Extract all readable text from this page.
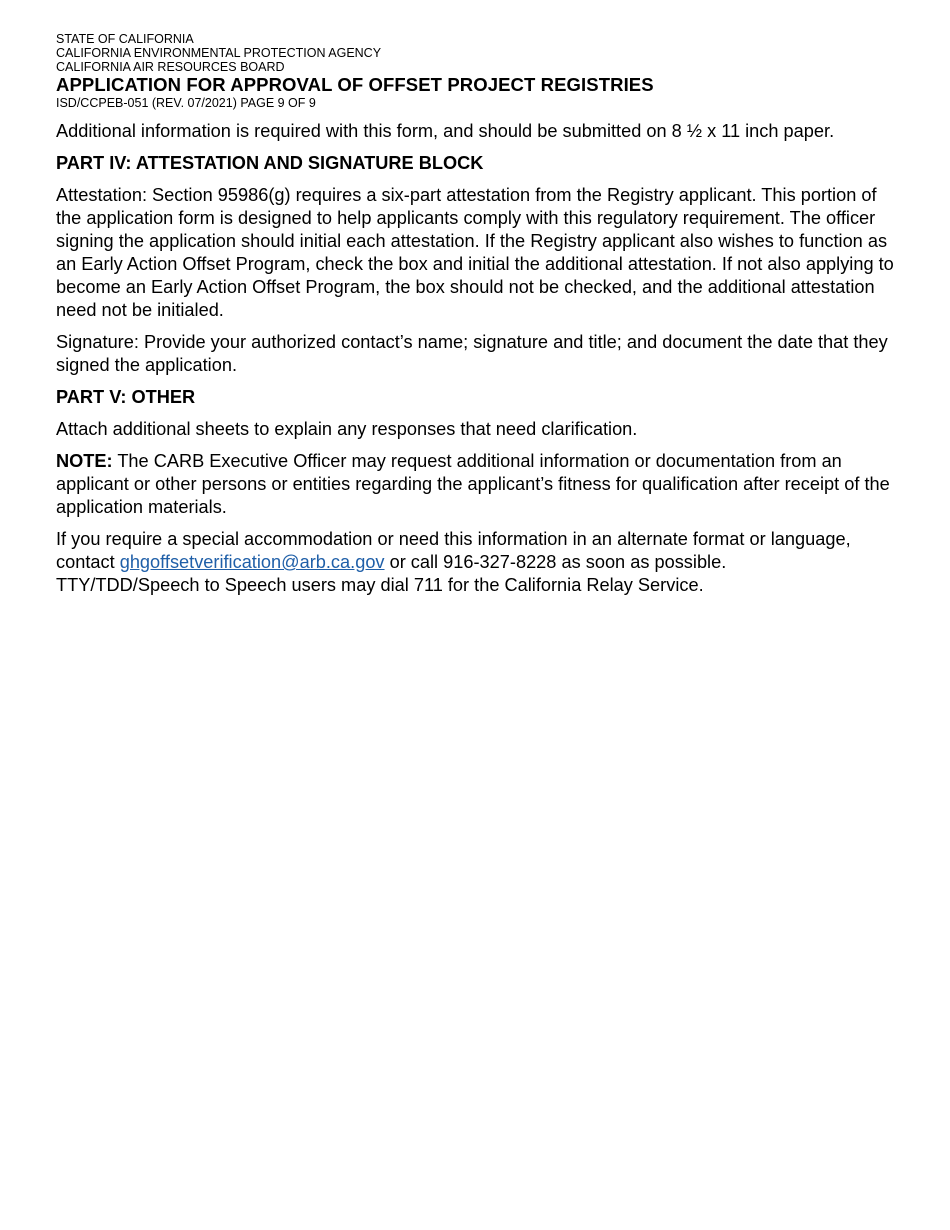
STATE OF CALIFORNIA

CALIFORNIA ENVIRONMENTAL PROTECTION AGENCY

CALIFORNIA AIR RESOURCES BOARD

APPLICATION FOR APPROVAL OF OFFSET PROJECT REGISTRIES

ISD/CCPEB-051 (REV. 07/2021) PAGE 9 OF 9

Additional information is required with this form, and should be submitted on 8 ½ x 11 inch paper.

PART IV: ATTESTATION AND SIGNATURE BLOCK

Attestation: Section 95986(g) requires a six-part attestation from the Registry applicant. This portion of the application form is designed to help applicants comply with this regulatory requirement. The officer signing the application should initial each attestation. If the Registry applicant also wishes to function as an Early Action Offset Program, check the box and initial the additional attestation. If not also applying to become an Early Action Offset Program, the box should not be checked, and the additional attestation need not be initialed.

Signature: Provide your authorized contact’s name; signature and title; and document the date that they signed the application.

PART V: OTHER

Attach additional sheets to explain any responses that need clarification.

NOTE: The CARB Executive Officer may request additional information or documentation from an applicant or other persons or entities regarding the applicant’s fitness for qualification after receipt of the application materials.

If you require a special accommodation or need this information in an alternate format or language, contact ghgoffsetverification@arb.ca.gov or call 916-327-8228 as soon as possible.
TTY/TDD/Speech to Speech users may dial 711 for the California Relay Service.
